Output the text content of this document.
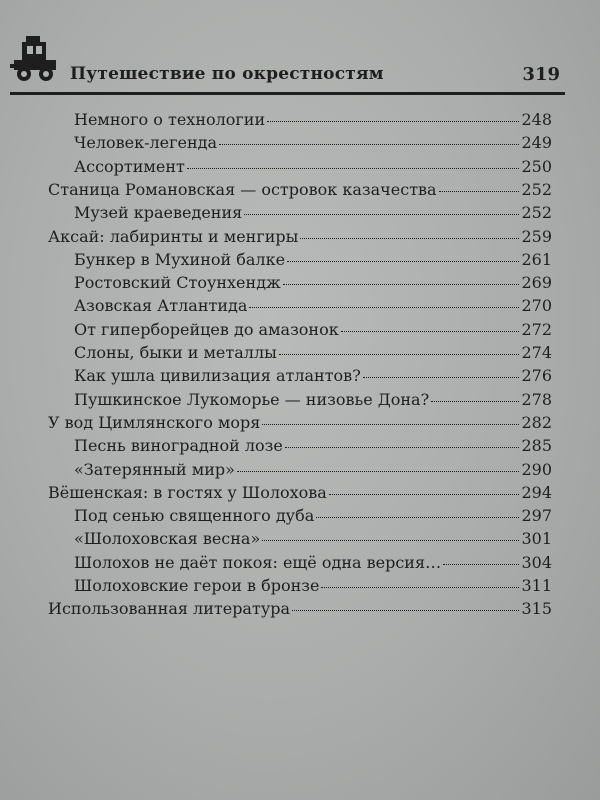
Путешествие по окрестностям	319
Немного о технологии	248
Человек-легенда	249
Ассортимент	250
Станица Романовская — островок казачества	252
Музей краеведения	252
Аксай: лабиринты и менгиры	259
Бункер в Мухиной балке	261
Ростовский Стоунхендж	269
Азовская Атлантида	270
От гиперборейцев до амазонок	272
Слоны, быки и металлы	274
Как ушла цивилизация атлантов?	276
Пушкинское Лукоморье — низовье Дона?	278
У вод Цимлянского моря	282
Песнь виноградной лозе	285
«Затерянный мир»	290
Вёшенская: в гостях у Шолохова	294
Под сенью священного дуба	297
«Шолоховская весна»	301
Шолохов не даёт покоя: ещё одна версия…	304
Шолоховские герои в бронзе	311
Использованная литература	315
